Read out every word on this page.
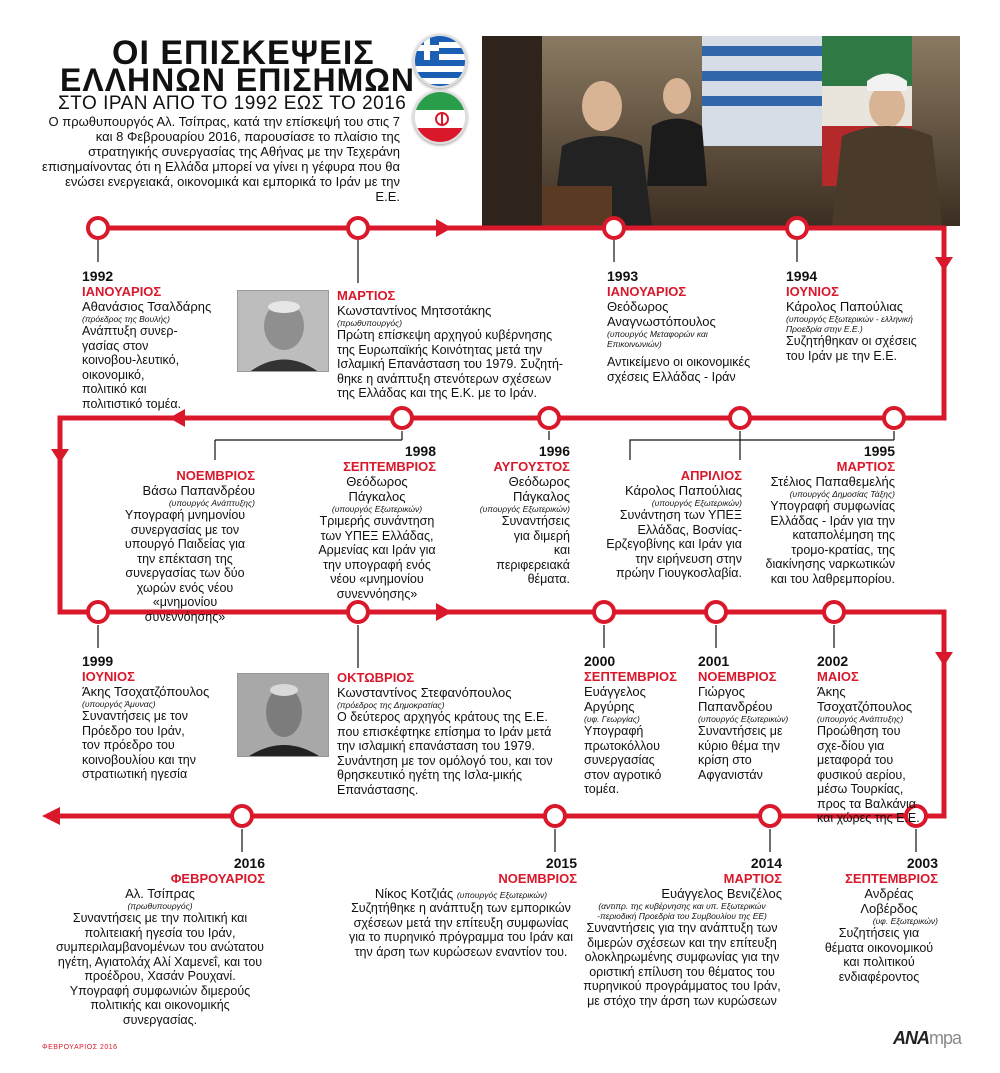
ΟΙ ΕΠΙΣΚΕΨΕΙΣ
ΕΛΛΗΝΩΝ ΕΠΙΣΗΜΩΝ
ΣΤΟ ΙΡΑΝ ΑΠΟ ΤΟ 1992 ΕΩΣ ΤΟ 2016
Ο πρωθυπουργός Αλ. Τσίπρας, κατά την επίσκεψή του στις 7 και 8 Φεβρουαρίου 2016, παρουσίασε το πλαίσιο της στρατηγικής συνεργασίας της Αθήνας με την Τεχεράνη επισημαίνοντας ότι η Ελλάδα μπορεί να γίνει η γέφυρα που θα ενώσει ενεργειακά, οικονομικά και εμπορικά το Ιράν με την Ε.Ε.
1992
ΙΑΝΟΥΑΡΙΟΣ
Αθανάσιος Τσαλδάρης
(πρόεδρος της Βουλής)
Ανάπτυξη συνερ-γασίας στον κοινοβου-λευτικό, οικονομικό, πολιτικό και πολιτιστικό τομέα.
ΜΑΡΤΙΟΣ
Κωνσταντίνος Μητσοτάκης
(πρωθυπουργός)
Πρώτη επίσκεψη αρχηγού κυβέρνησης της Ευρωπαϊκής Κοινότητας μετά την Ισλαμική Επανάσταση του 1979. Συζητή-θηκε η ανάπτυξη στενότερων σχέσεων της Ελλάδας και της Ε.Κ. με το Ιράν.
1993
ΙΑΝΟΥΑΡΙΟΣ
Θεόδωρος Αναγνωστόπουλος
(υπουργός Μεταφορών και Επικοινωνιών)
Αντικείμενο οι οικονομικές σχέσεις Ελλάδας - Ιράν
1994
ΙΟΥΝΙΟΣ
Κάρολος Παπούλιας
(υπουργός Εξωτερικών - ελληνική Προεδρία στην Ε.Ε.)
Συζητήθηκαν οι σχέσεις του Ιράν με την Ε.Ε.
1995
ΜΑΡΤΙΟΣ
Στέλιος Παπαθεμελής
(υπουργός Δημοσίας Τάξης)
Υπογραφή συμφωνίας Ελλάδας - Ιράν για την καταπολέμηση της τρομο-κρατίας, της διακίνησης ναρκωτικών και του λαθρεμπορίου.
ΑΠΡΙΛΙΟΣ
Κάρολος Παπούλιας
(υπουργός Εξωτερικών)
Συνάντηση των ΥΠΕΞ Ελλάδας, Βοσνίας-Ερζεγοβίνης και Ιράν για την ειρήνευση στην πρώην Γιουγκοσλαβία.
1996
ΑΥΓΟΥΣΤΟΣ
Θεόδωρος Πάγκαλος
(υπουργός Εξωτερικών)
Συναντήσεις για διμερή και περιφερειακά θέματα.
1998
ΣΕΠΤΕΜΒΡΙΟΣ
Θεόδωρος Πάγκαλος
(υπουργός Εξωτερικών)
Τριμερής συνάντηση των ΥΠΕΞ Ελλάδας, Αρμενίας και Ιράν για την υπογραφή ενός νέου «μνημονίου συνεννόησης»
ΝΟΕΜΒΡΙΟΣ
Βάσω Παπανδρέου
(υπουργός Ανάπτυξης)
Υπογραφή μνημονίου συνεργασίας με τον υπουργό Παιδείας για την επέκταση της συνεργασίας των δύο χωρών ενός νέου «μνημονίου συνεννόησης»
1999
ΙΟΥΝΙΟΣ
Άκης Τσοχατζόπουλος
(υπουργός Άμυνας)
Συναντήσεις με τον Πρόεδρο του Ιράν, τον πρόεδρο του κοινοβουλίου και την στρατιωτική ηγεσία
ΟΚΤΩΒΡΙΟΣ
Κωνσταντίνος Στεφανόπουλος
(πρόεδρος της Δημοκρατίας)
Ο δεύτερος αρχηγός κράτους της Ε.Ε. που επισκέφτηκε επίσημα το Ιράν μετά την ισλαμική επανάσταση του 1979. Συνάντηση με τον ομόλογό του, και τον θρησκευτικό ηγέτη της Ισλα-μικής Επανάστασης.
2000
ΣΕΠΤΕΜΒΡΙΟΣ
Ευάγγελος Αργύρης
(υφ. Γεωργίας)
Υπογραφή πρωτοκόλλου συνεργασίας στον αγροτικό τομέα.
2001
ΝΟΕΜΒΡΙΟΣ
Γιώργος Παπανδρέου
(υπουργός Εξωτερικών)
Συναντήσεις με κύριο θέμα την κρίση στο Αφγανιστάν
2002
ΜΑΙΟΣ
Άκης Τσοχατζόπουλος
(υπουργός Ανάπτυξης)
Προώθηση του σχε-δίου για μεταφορά του φυσικού αερίου, μέσω Τουρκίας, προς τα Βαλκάνια και χώρες της Ε.Ε.
2003
ΣΕΠΤΕΜΒΡΙΟΣ
Ανδρέας Λοβέρδος
(υφ. Εξωτερικών)
Συζητήσεις για θέματα οικονομικού και πολιτικού ενδιαφέροντος
2014
ΜΑΡΤΙΟΣ
Ευάγγελος Βενιζέλος
(αντιπρ. της κυβέρνησης και υπ. Εξωτερικών -περιοδική Προεδρία του Συμβουλίου της ΕΕ)
Συναντήσεις για την ανάπτυξη των διμερών σχέσεων και την επίτευξη ολοκληρωμένης συμφωνίας για την οριστική επίλυση του θέματος του πυρηνικού προγράμματος του Ιράν, με στόχο την άρση των κυρώσεων
2015
ΝΟΕΜΒΡΙΟΣ
Νίκος Κοτζιάς (υπουργός Εξωτερικών)
Συζητήθηκε η ανάπτυξη των εμπορικών σχέσεων μετά την επίτευξη συμφωνίας για το πυρηνικό πρόγραμμα του Ιράν και την άρση των κυρώσεων εναντίον του.
2016
ΦΕΒΡΟΥΑΡΙΟΣ
Αλ. Τσίπρας
(πρωθυπουργός)
Συναντήσεις με την πολιτική και πολιτειακή ηγεσία του Ιράν, συμπεριλαμβανομένων του ανώτατου ηγέτη, Αγιατολάχ Αλί Χαμενεΐ, και του προέδρου, Χασάν Ρουχανί. Υπογραφή συμφωνιών διμερούς πολιτικής και οικονομικής συνεργασίας.
ΦΕΒΡΟΥΑΡΙΟΣ 2016	ANAmpa
